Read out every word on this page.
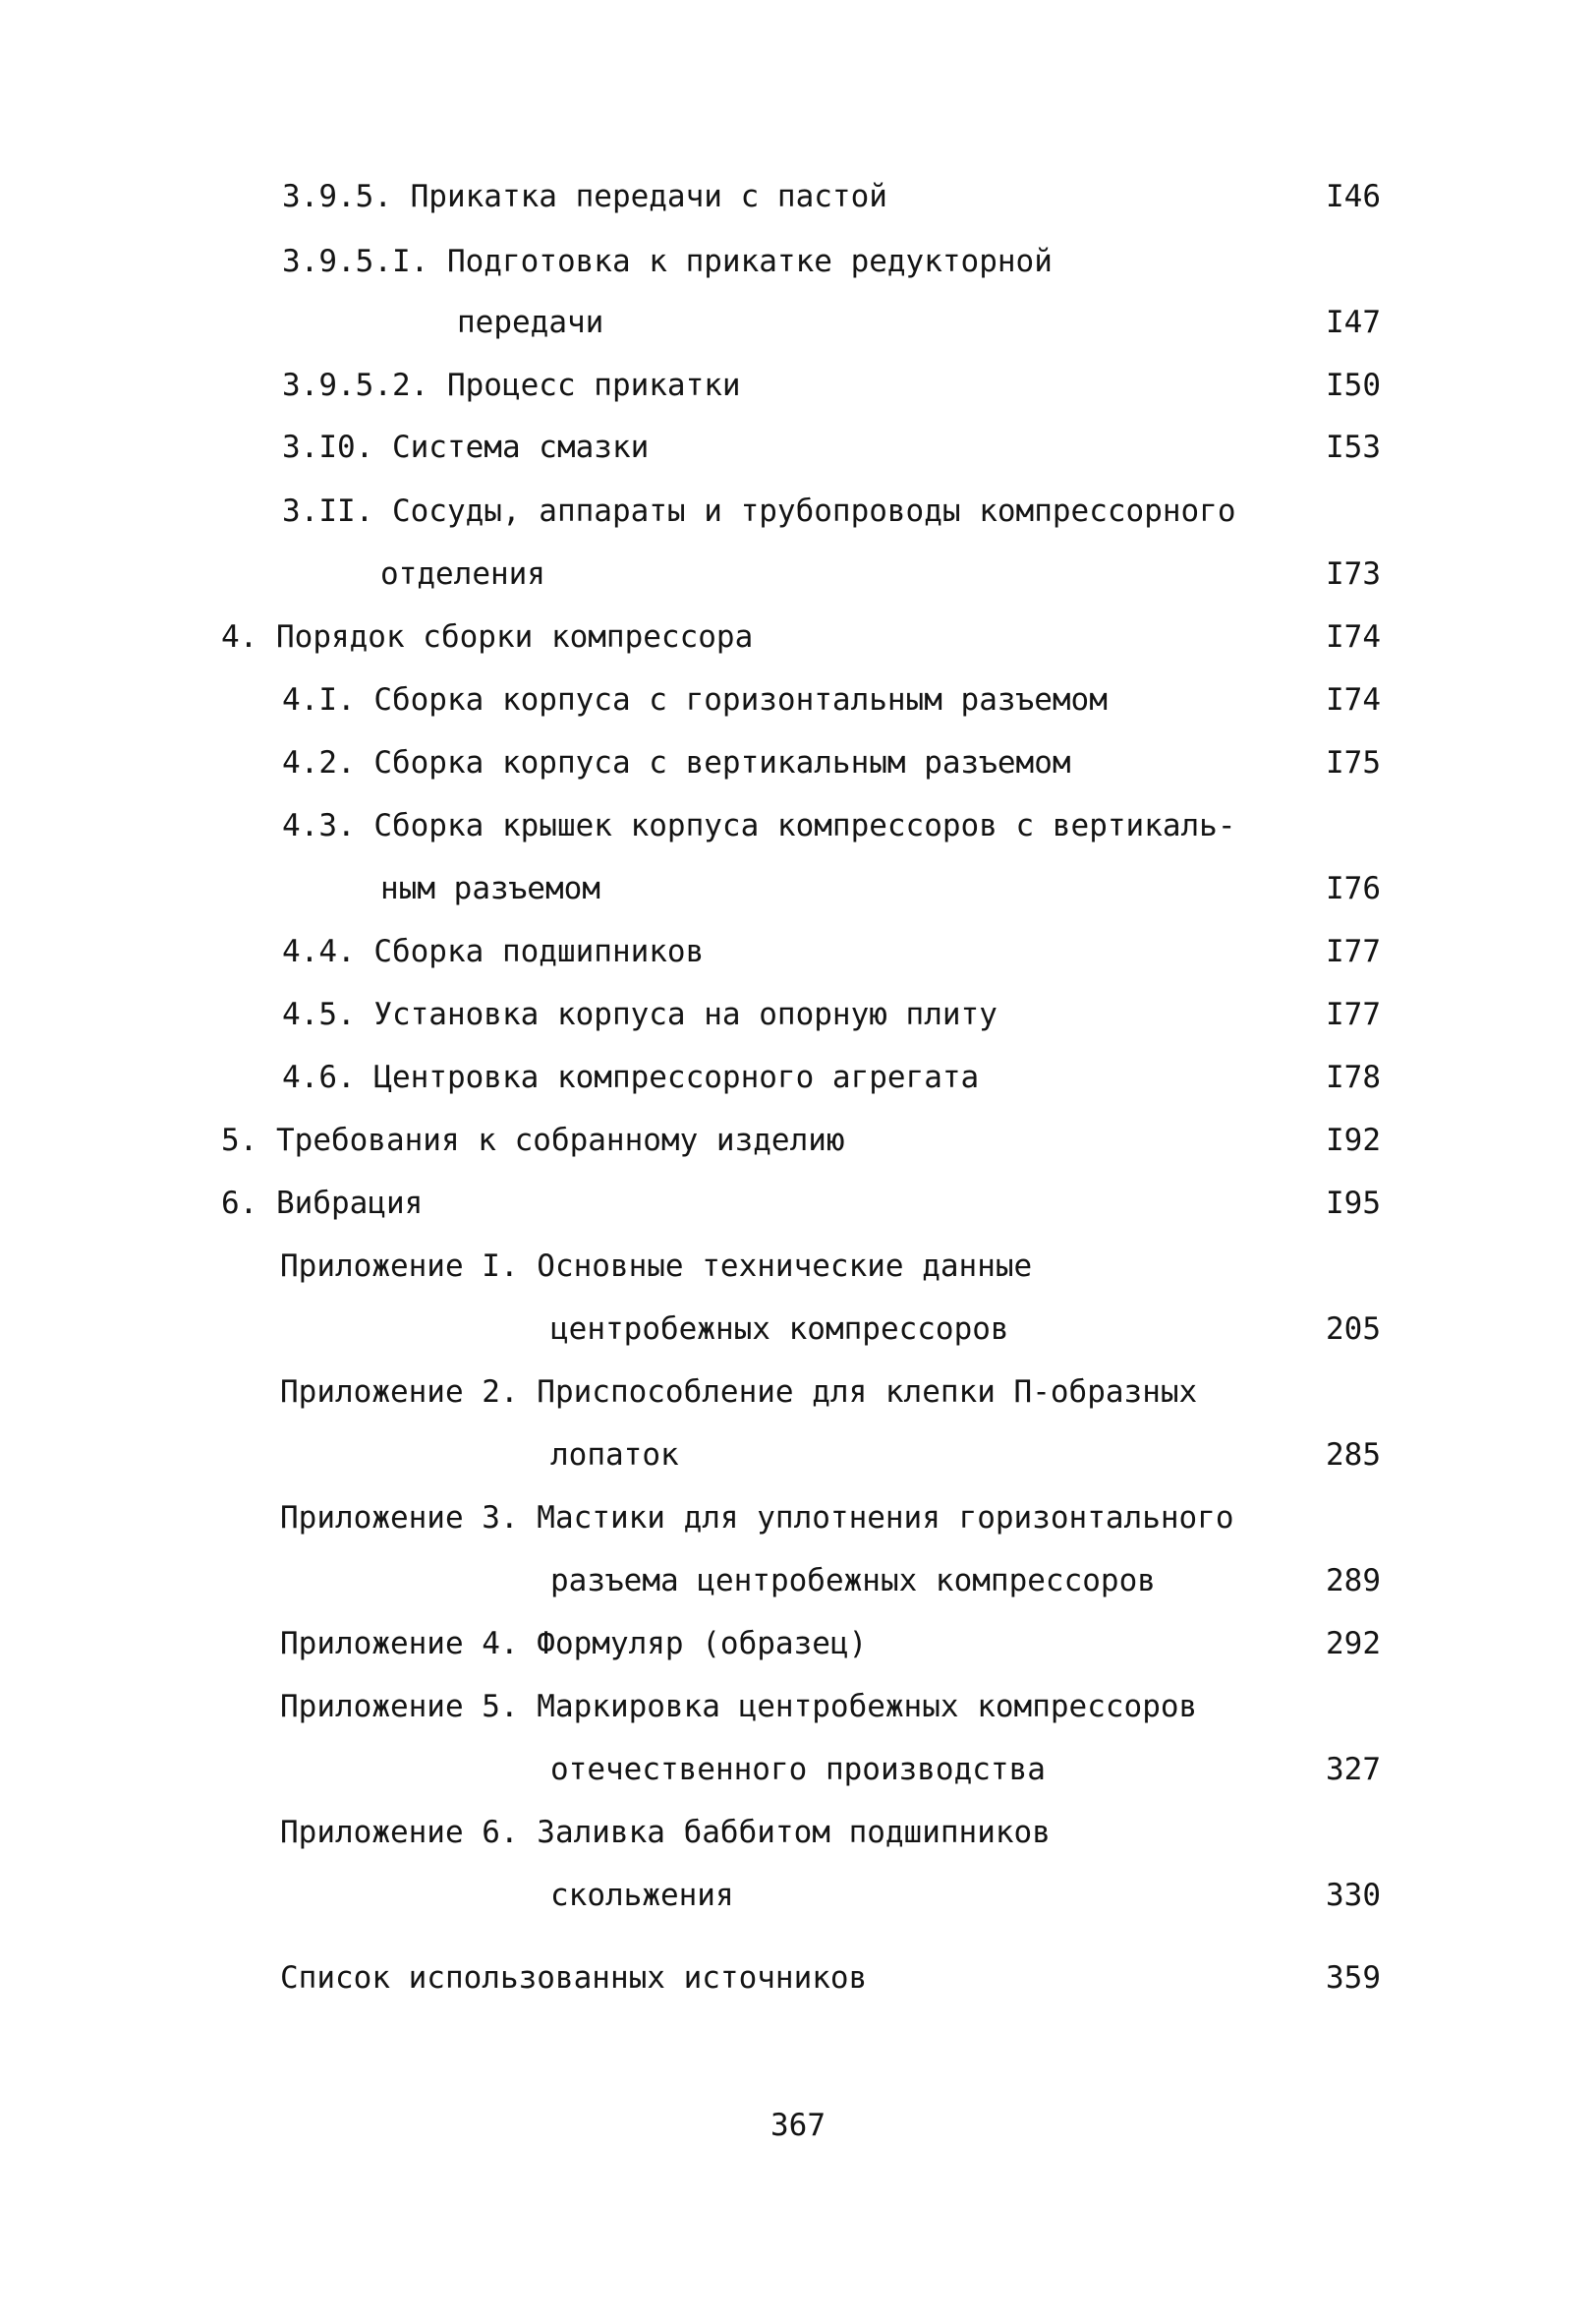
3.9.5. Прикатка передачи с пастой	I46
3.9.5.I. Подготовка к прикатке редукторной
передачи	I47
3.9.5.2. Процесс прикатки	I50
3.I0. Система смазки	I53
3.II. Сосуды, аппараты и трубопроводы компрессорного
отделения	I73
4. Порядок сборки компрессора	I74
4.I. Сборка корпуса с горизонтальным разъемом	I74
4.2. Сборка корпуса с вертикальным разъемом	I75
4.3. Сборка крышек корпуса компрессоров с вертикаль-
ным разъемом	I76
4.4. Сборка подшипников	I77
4.5. Установка корпуса на опорную плиту	I77
4.6. Центровка компрессорного агрегата	I78
5. Требования к собранному изделию	I92
6. Вибрация	I95
Приложение I. Основные технические данные
центробежных компрессоров	205
Приложение 2. Приспособление для клепки П-образных
лопаток	285
Приложение 3. Мастики для уплотнения горизонтального
разъема центробежных компрессоров	289
Приложение 4. Формуляр (образец)	292
Приложение 5. Маркировка центробежных компрессоров
отечественного производства	327
Приложение 6. Заливка баббитом подшипников
скольжения	330
Список использованных источников	359
367
